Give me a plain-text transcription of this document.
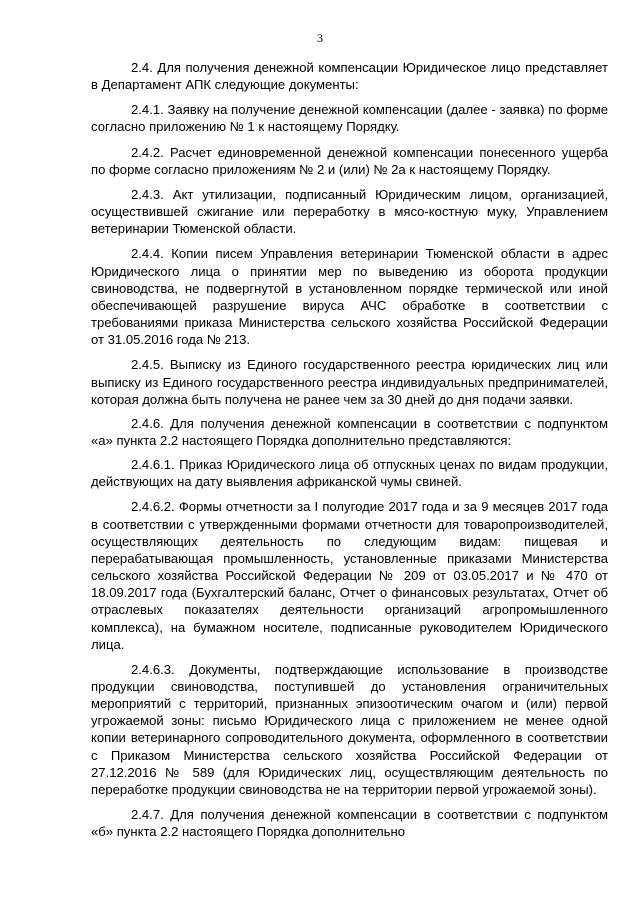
3

2.4. Для получения денежной компенсации Юридическое лицо представляет в Департамент АПК следующие документы:

2.4.1. Заявку на получение денежной компенсации (далее - заявка) по форме согласно приложению № 1 к настоящему Порядку.

2.4.2. Расчет единовременной денежной компенсации понесенного ущерба по форме согласно приложениям № 2 и (или) № 2а к настоящему Порядку.

2.4.3. Акт утилизации, подписанный Юридическим лицом, организацией, осуществившей сжигание или переработку в мясо-костную муку, Управлением ветеринарии Тюменской области.

2.4.4. Копии писем Управления ветеринарии Тюменской области в адрес Юридического лица о принятии мер по выведению из оборота продукции свиноводства, не подвергнутой в установленном порядке термической или иной обеспечивающей разрушение вируса АЧС обработке в соответствии с требованиями приказа Министерства сельского хозяйства Российской Федерации от 31.05.2016 года № 213.

2.4.5. Выписку из Единого государственного реестра юридических лиц или выписку из Единого государственного реестра индивидуальных предпринимателей, которая должна быть получена не ранее чем за 30 дней до дня подачи заявки.

2.4.6. Для получения денежной компенсации в соответствии с подпунктом «а» пункта 2.2 настоящего Порядка дополнительно представляются:

2.4.6.1. Приказ Юридического лица об отпускных ценах по видам продукции, действующих на дату выявления африканской чумы свиней.

2.4.6.2. Формы отчетности за I полугодие 2017 года и за 9 месяцев 2017 года в соответствии с утвержденными формами отчетности для товаропроизводителей, осуществляющих деятельность по следующим видам: пищевая и перерабатывающая промышленность, установленные приказами Министерства сельского хозяйства Российской Федерации № 209 от 03.05.2017 и № 470 от 18.09.2017 года (Бухгалтерский баланс, Отчет о финансовых результатах, Отчет об отраслевых показателях деятельности организаций агропромышленного комплекса), на бумажном носителе, подписанные руководителем Юридического лица.

2.4.6.3. Документы, подтверждающие использование в производстве продукции свиноводства, поступившей до установления ограничительных мероприятий с территорий, признанных эпизоотическим очагом и (или) первой угрожаемой зоны: письмо Юридического лица с приложением не менее одной копии ветеринарного сопроводительного документа, оформленного в соответствии с Приказом Министерства сельского хозяйства Российской Федерации от 27.12.2016 № 589 (для Юридических лиц, осуществляющим деятельность по переработке продукции свиноводства не на территории первой угрожаемой зоны).

2.4.7. Для получения денежной компенсации в соответствии с подпунктом «б» пункта 2.2 настоящего Порядка дополнительно
